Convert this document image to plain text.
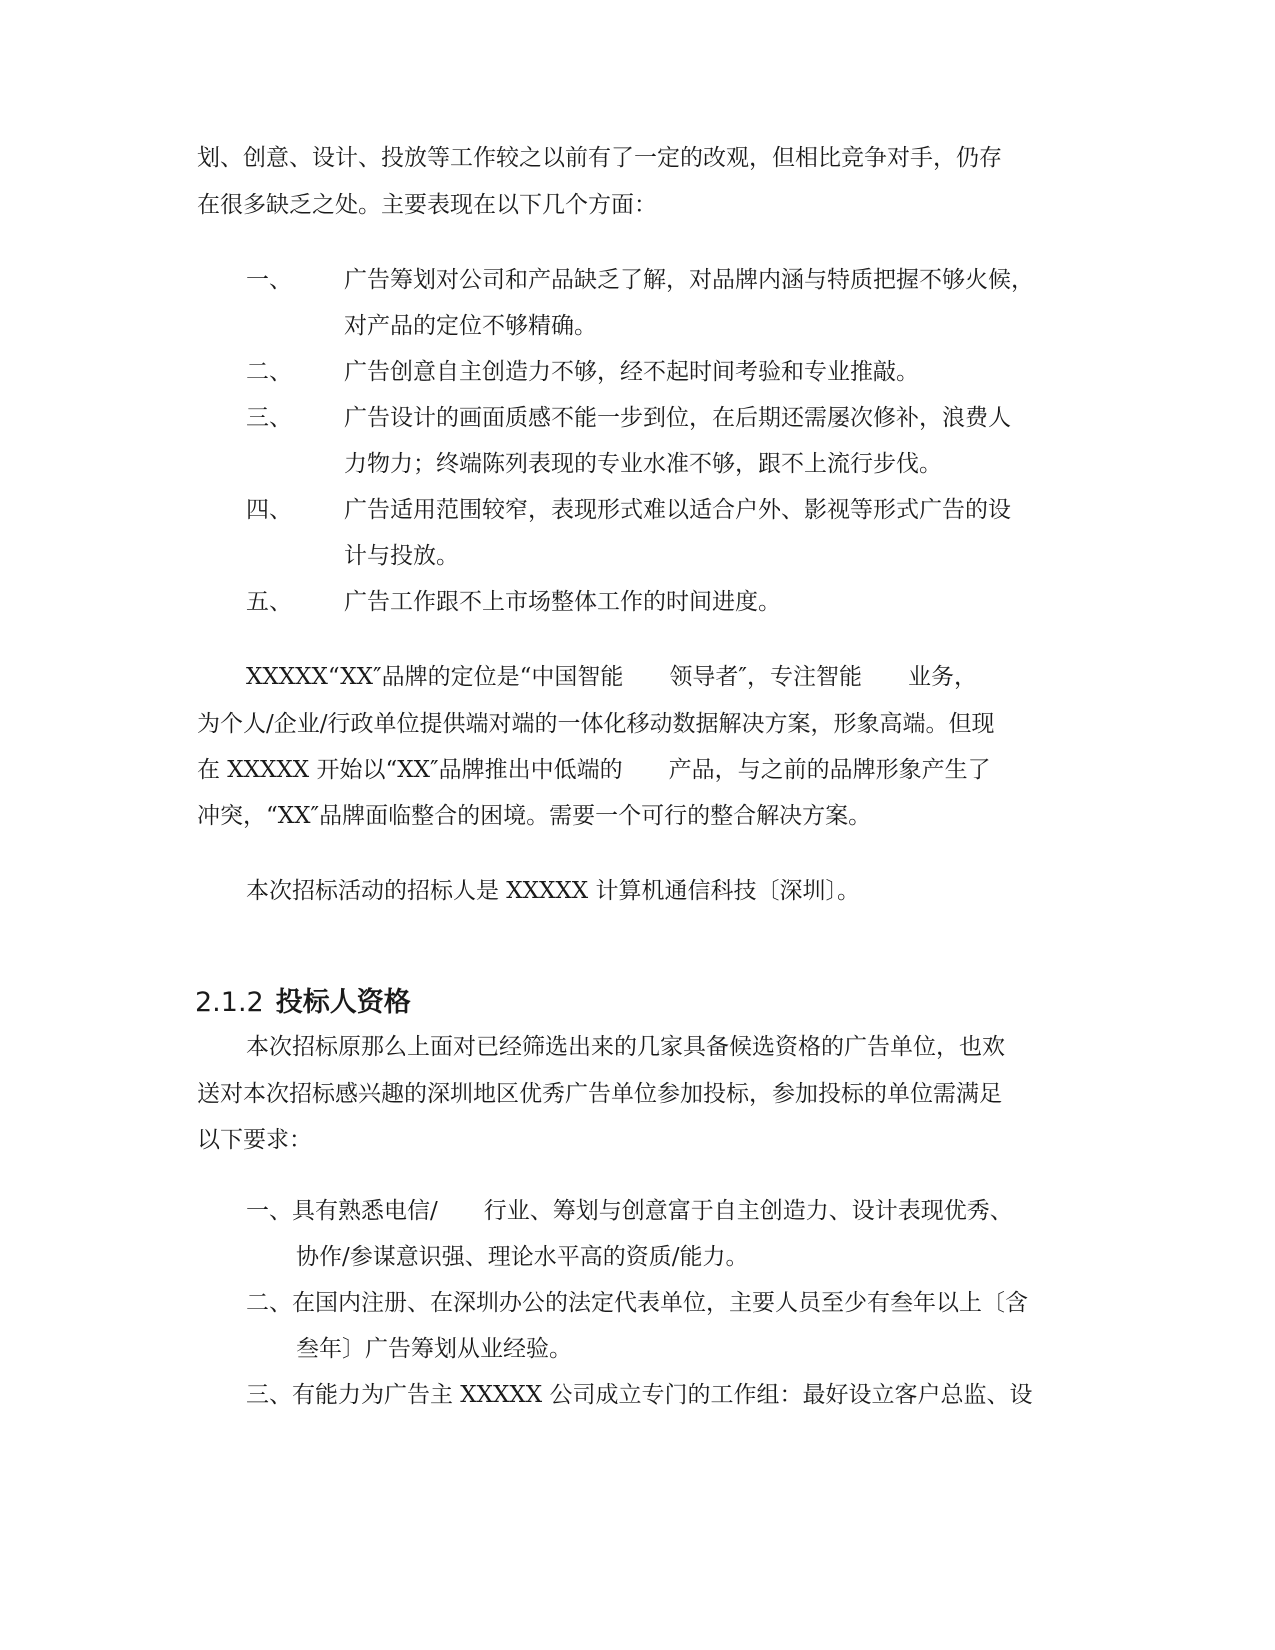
划、创意、设计、投放等工作较之以前有了一定的改观，但相比竞争对手，仍存
在很多缺乏之处。主要表现在以下几个方面：
一、 广告筹划对公司和产品缺乏了解，对品牌内涵与特质把握不够火候，
对产品的定位不够精确。
二、 广告创意自主创造力不够，经不起时间考验和专业推敲。
三、 广告设计的画面质感不能一步到位，在后期还需屡次修补，浪费人
力物力；终端陈列表现的专业水准不够，跟不上流行步伐。
四、 广告适用范围较窄，表现形式难以适合户外、影视等形式广告的设
计与投放。
五、 广告工作跟不上市场整体工作的时间进度。
XXXXX“XX″品牌的定位是“中国智能　　领导者″，专注智能　　业务，
为个人/企业/行政单位提供端对端的一体化移动数据解决方案，形象高端。但现
在 XXXXX 开始以“XX″品牌推出中低端的　　产品，与之前的品牌形象产生了
冲突，“XX″品牌面临整合的困境。需要一个可行的整合解决方案。
本次招标活动的招标人是 XXXXX 计算机通信科技〔深圳〕。
2.1.2 投标人资格
本次招标原那么上面对已经筛选出来的几家具备候选资格的广告单位，也欢
送对本次招标感兴趣的深圳地区优秀广告单位参加投标，参加投标的单位需满足
以下要求：
一、具有熟悉电信/　　行业、筹划与创意富于自主创造力、设计表现优秀、
协作/参谋意识强、理论水平高的资质/能力。
二、在国内注册、在深圳办公的法定代表单位，主要人员至少有叁年以上〔含
叁年〕广告筹划从业经验。
三、有能力为广告主 XXXXX 公司成立专门的工作组：最好设立客户总监、设
